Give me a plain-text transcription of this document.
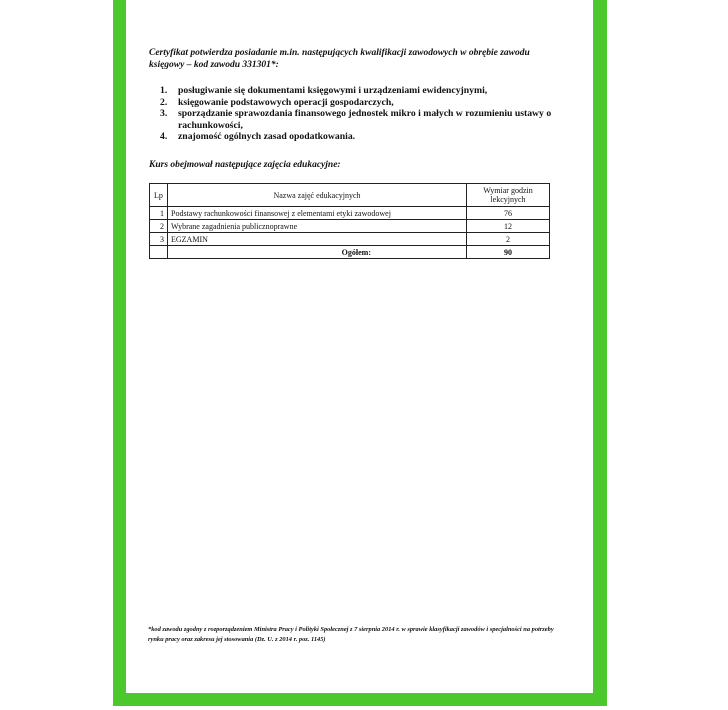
Certyfikat potwierdza posiadanie m.in. następujących kwalifikacji zawodowych w obrębie zawodu księgowy – kod zawodu 331301*:
1.	posługiwanie się dokumentami księgowymi i urządzeniami ewidencyjnymi,
2.	księgowanie podstawowych operacji gospodarczych,
3.	sporządzanie sprawozdania finansowego jednostek mikro i małych w rozumieniu ustawy o rachunkowości,
4.	znajomość ogólnych zasad opodatkowania.
Kurs obejmował następujące zajęcia edukacyjne:
Lp	Nazwa zajęć edukacyjnych	Wymiar godzin lekcyjnych
1	Podstawy rachunkowości finansowej z elementami etyki zawodowej	76
2	Wybrane zagadnienia publicznoprawne	12
3	EGZAMIN	2
	Ogółem:	90
*kod zawodu zgodny z rozporządzeniem Ministra Pracy i Polityki Społecznej z 7 sierpnia 2014 r. w sprawie klasyfikacji zawodów i specjalności na potrzeby rynku pracy oraz zakresu jej stosowania (Dz. U. z 2014 r. poz. 1145)
